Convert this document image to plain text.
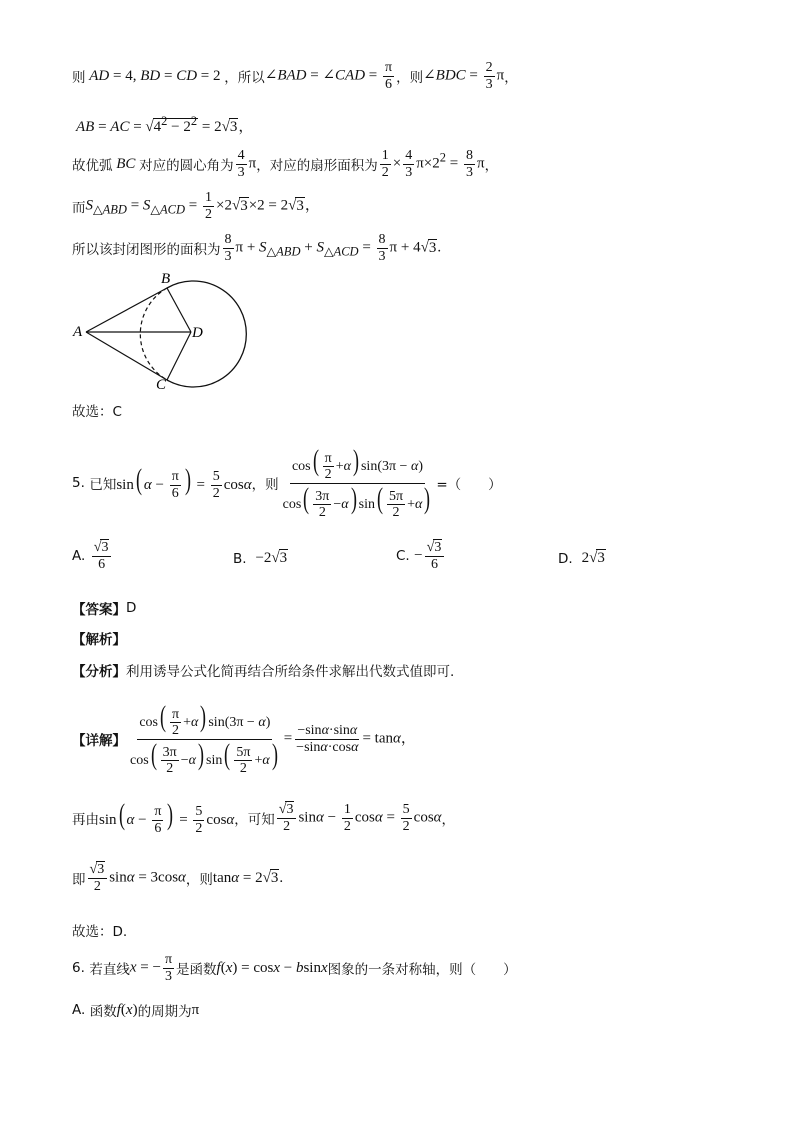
则 AD = 4, BD = CD = 2 ，所以 ∠BAD = ∠CAD = $\frac{\pi}{6}$ ，则 ∠BDC = $\frac{2}{3}$ π ，
AB = AC = $√4^2 - 2^2 = 2√3$，
故优弧 BC 对应的圆心角为 $\frac{4}{3}$ π ，对应的扇形面积为 $\frac{1}{2} \times \frac{4}{3} \pi\times 2^2 = \frac{8}{3}$ π ，
而 $S_{\triangle ABD} = S_{\triangle ACD} = \frac{1}{2} \times 2√3\times 2 = 2√3$，
所以该封闭图形的面积为 $\frac{8}{3}$ $\pi + S_{\triangle ABD} + S_{\triangle ACD} = \frac{8}{3}$ π + 4√3.
A
B
D
C
故选：C
5.
已知 sin( $\alpha - \frac{\pi}{6}$ ) = $\frac{5}{2}$ cosα ，则 $\frac{\cos( \frac{\pi}{2} +\alpha) \sin(3\pi - \alpha)}{\cos( \frac{3\pi}{2} -\alpha) \sin( \frac{5\pi}{2} +\alpha)}$ =（　　）
A.
$\frac{√3}{6}$	B.
−2√3	C.
− $\frac{√3}{6}$	D.
2√3
【答案】 D
【解析】
【分析】 利用诱导公式化简再结合所给条件求解出代数式值即可.
【详解】 $\frac{\cos( \frac{\pi}{2} +\alpha) \sin(3\pi - \alpha)}{\cos( \frac{3\pi}{2} -\alpha) \sin( \frac{5\pi}{2} +\alpha)} = \frac{-\sin\alpha\cdot\sin\alpha}{-\sin\alpha\cdot\cos\alpha} = \tan\alpha$，
再由 sin( $\alpha - \frac{\pi}{6}$ ) = $\frac{5}{2}$ cosα ，可知 $\frac{√3}{2}$ $\sin\alpha - \frac{1}{2}$ $\cos\alpha = \frac{5}{2}$ cosα ，
即 $\frac{√3}{2}$ sinα = 3cosα ，则 tanα = 2√3.
故选：D.
6.
若直线 x = − $\frac{\pi}{3}$ 是函数 f(x) = cosx − bsinx 图象的一条对称轴，则（　　）
A.
函数 f(x) 的周期为 π
